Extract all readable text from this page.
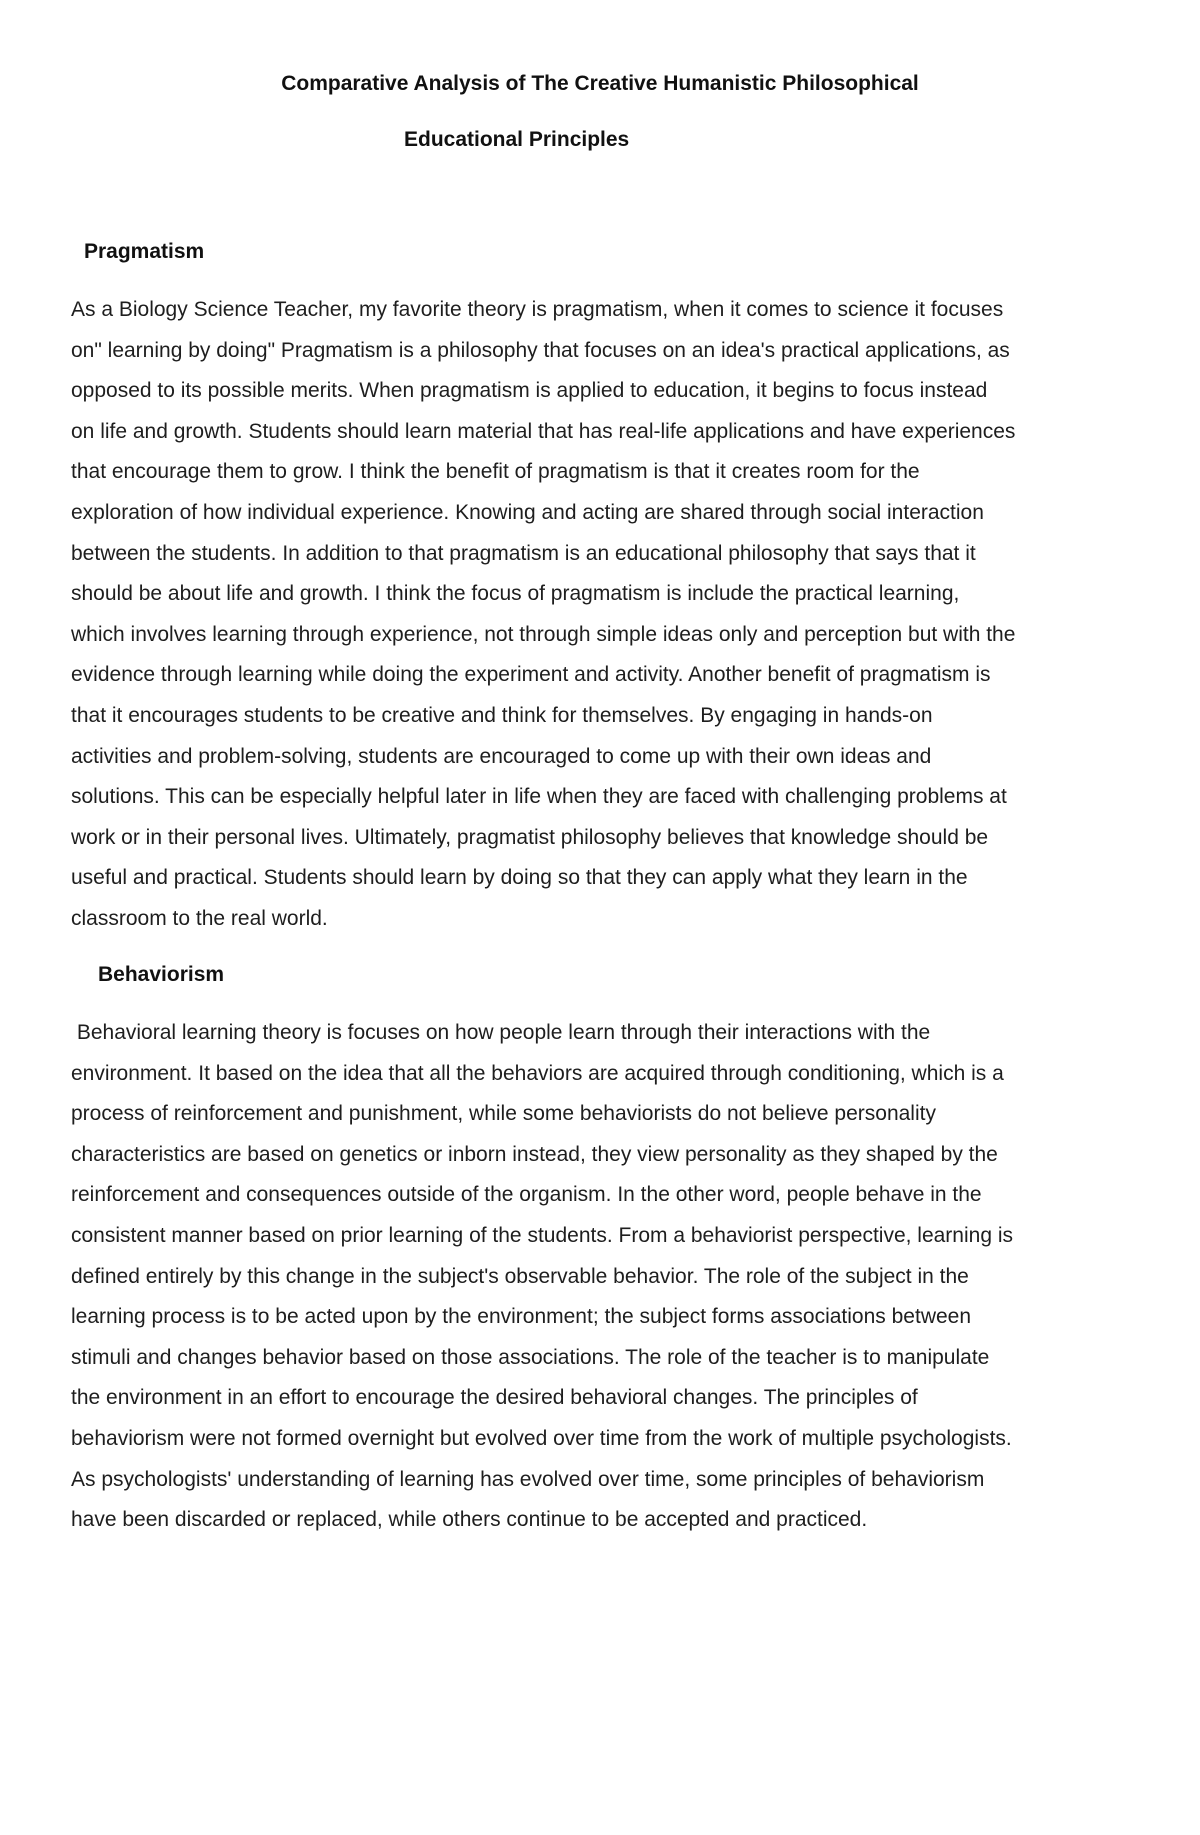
Comparative Analysis of The Creative Humanistic Philosophical
Educational Principles
Pragmatism
As a Biology Science Teacher, my favorite theory is pragmatism, when it comes to science it focuses
on" learning by doing" Pragmatism is a philosophy that focuses on an idea's practical applications, as
opposed to its possible merits. When pragmatism is applied to education, it begins to focus instead
on life and growth. Students should learn material that has real-life applications and have experiences
that encourage them to grow. I think the benefit of pragmatism is that it creates room for the
exploration of how individual experience. Knowing and acting are shared through social interaction
between the students. In addition to that pragmatism is an educational philosophy that says that it
should be about life and growth. I think the focus of pragmatism is include the practical learning,
which involves learning through experience, not through simple ideas only and perception but with the
evidence through learning while doing the experiment and activity. Another benefit of pragmatism is
that it encourages students to be creative and think for themselves. By engaging in hands-on
activities and problem-solving, students are encouraged to come up with their own ideas and
solutions. This can be especially helpful later in life when they are faced with challenging problems at
work or in their personal lives. Ultimately, pragmatist philosophy believes that knowledge should be
useful and practical. Students should learn by doing so that they can apply what they learn in the
classroom to the real world.
Behaviorism
Behavioral learning theory is focuses on how people learn through their interactions with the
environment. It based on the idea that all the behaviors are acquired through conditioning, which is a
process of reinforcement and punishment, while some behaviorists do not believe personality
characteristics are based on genetics or inborn instead, they view personality as they shaped by the
reinforcement and consequences outside of the organism. In the other word, people behave in the
consistent manner based on prior learning of the students. From a behaviorist perspective, learning is
defined entirely by this change in the subject's observable behavior. The role of the subject in the
learning process is to be acted upon by the environment; the subject forms associations between
stimuli and changes behavior based on those associations. The role of the teacher is to manipulate
the environment in an effort to encourage the desired behavioral changes. The principles of
behaviorism were not formed overnight but evolved over time from the work of multiple psychologists.
As psychologists' understanding of learning has evolved over time, some principles of behaviorism
have been discarded or replaced, while others continue to be accepted and practiced.
